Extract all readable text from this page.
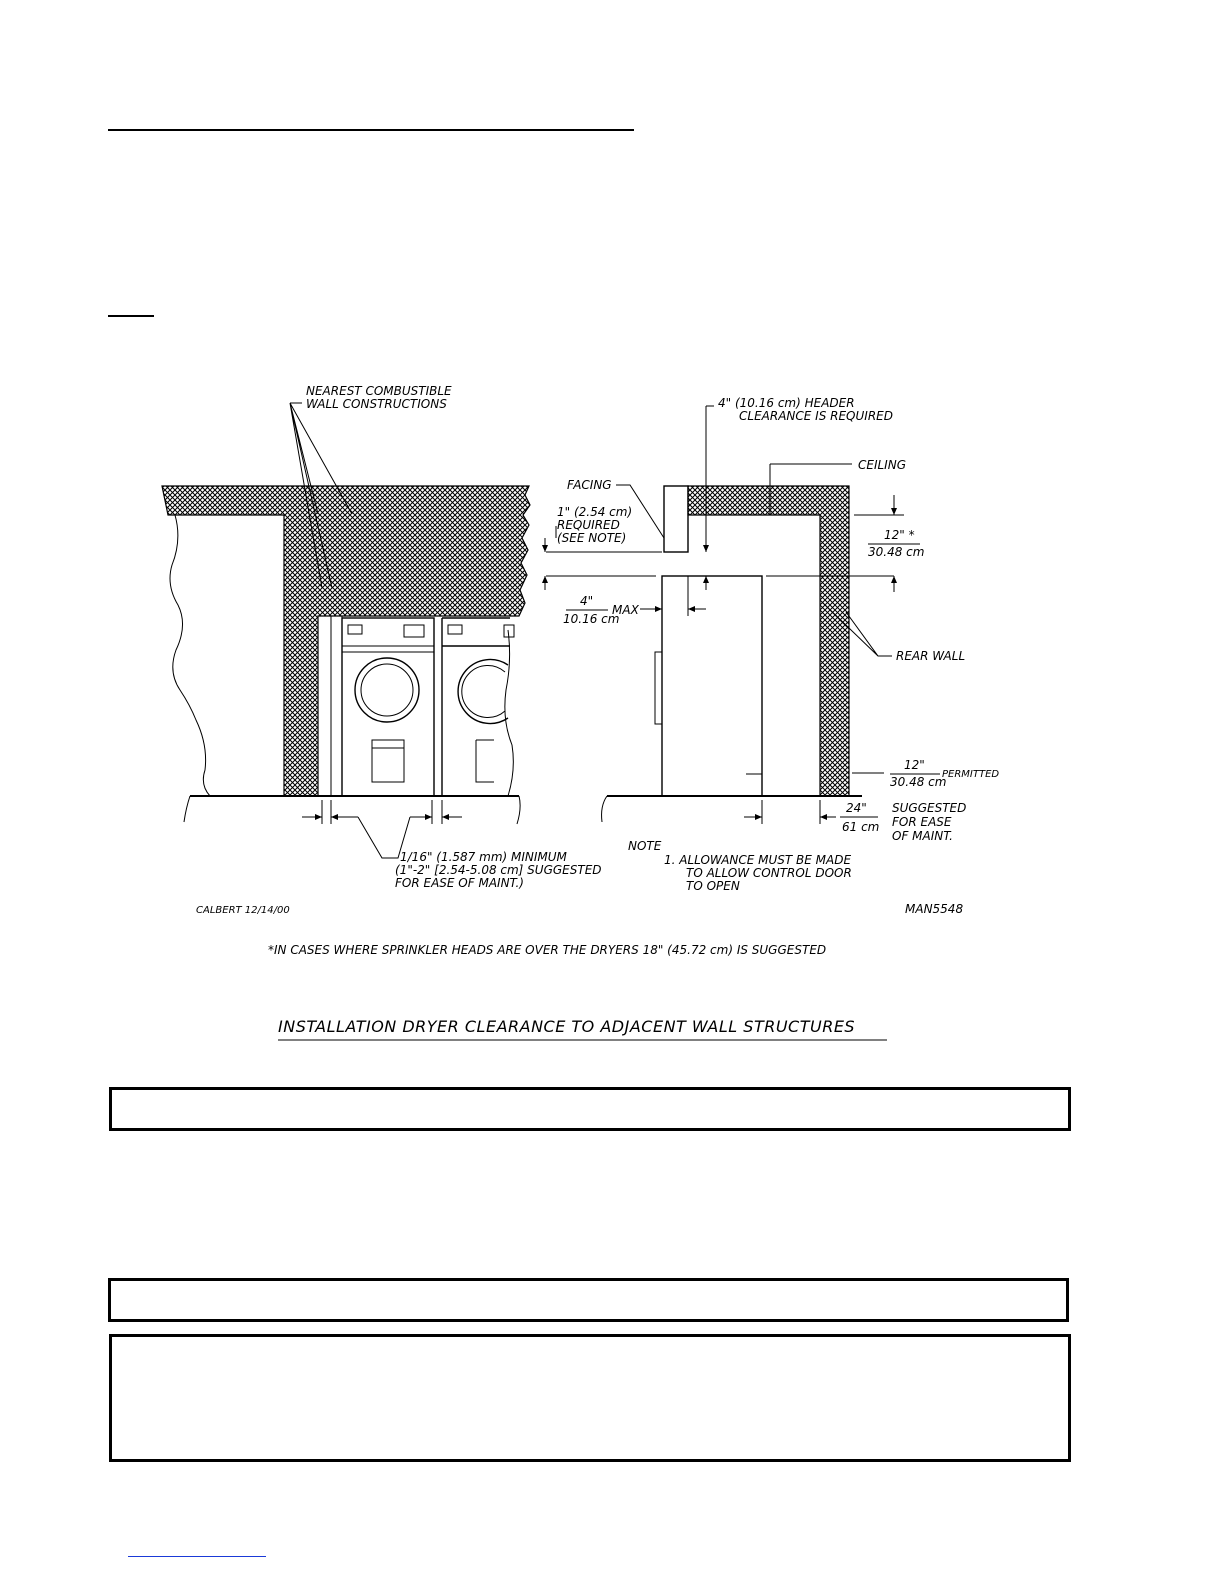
NEAREST COMBUSTIBLE
WALL CONSTRUCTIONS
1/16" (1.587 mm) MINIMUM
(1"-2" [2.54-5.08 cm] SUGGESTED
FOR EASE OF MAINT.)
1" (2.54 cm)
REQUIRED
(SEE NOTE)
FACING
4"
10.16 cm
MAX
4" (10.16 cm) HEADER
CLEARANCE IS REQUIRED
CEILING
12" *
30.48 cm
REAR WALL
12"
30.48 cm
PERMITTED
24"
61 cm
SUGGESTED
FOR EASE
OF MAINT.
NOTE
1. ALLOWANCE MUST BE MADE
TO ALLOW CONTROL DOOR
TO OPEN
CALBERT 12/14/00	MAN5548
*IN CASES WHERE SPRINKLER HEADS ARE OVER THE DRYERS 18" (45.72 cm) IS SUGGESTED
INSTALLATION DRYER CLEARANCE TO ADJACENT WALL STRUCTURES
